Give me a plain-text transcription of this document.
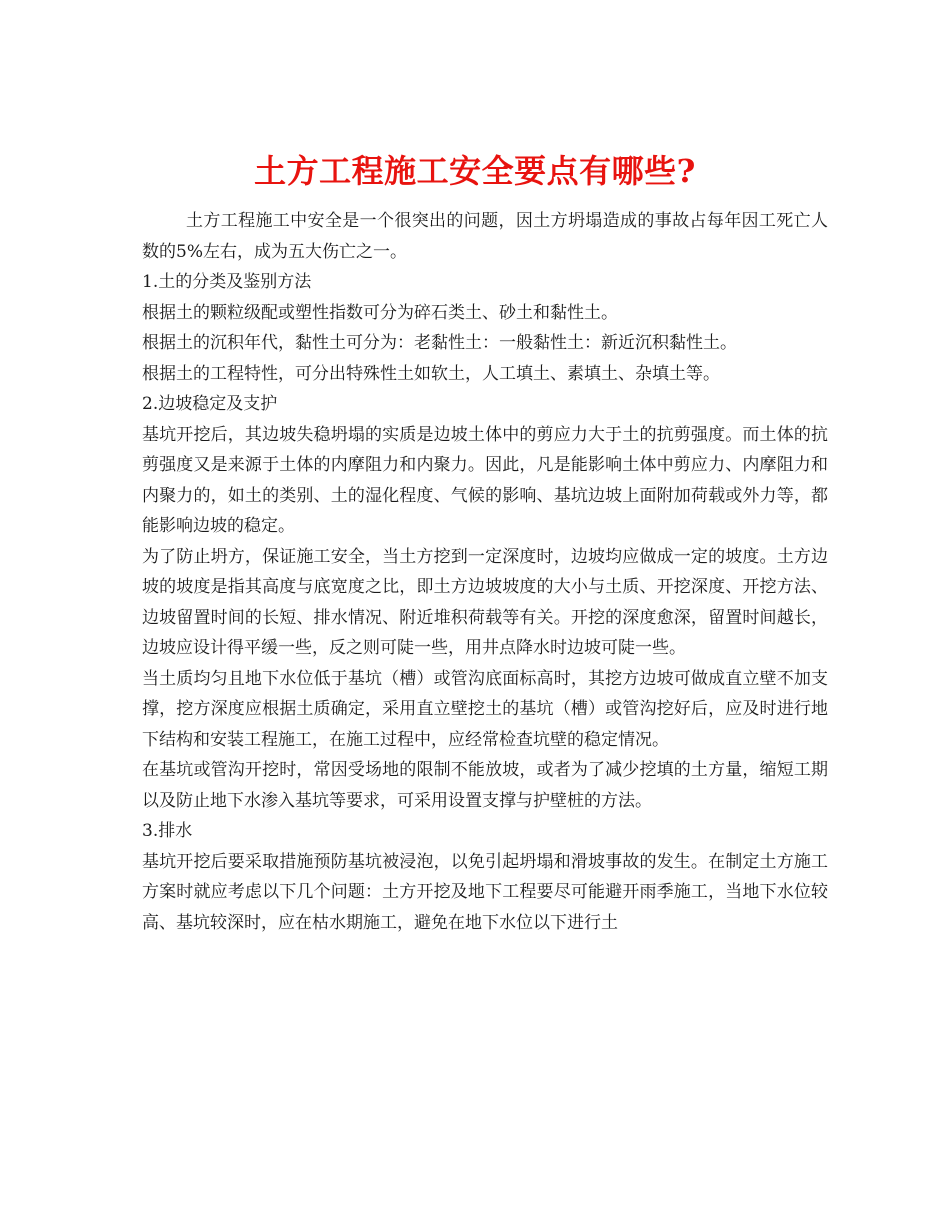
土方工程施工安全要点有哪些?

土方工程施工中安全是一个很突出的问题，因土方坍塌造成的事故占每年因工死亡人数的5%左右，成为五大伤亡之一。

1.土的分类及鉴别方法

根据土的颗粒级配或塑性指数可分为碎石类土、砂土和黏性土。

根据土的沉积年代，黏性土可分为：老黏性土：一般黏性土：新近沉积黏性土。

根据土的工程特性，可分出特殊性土如软土，人工填土、素填土、杂填土等。

2.边坡稳定及支护

基坑开挖后，其边坡失稳坍塌的实质是边坡土体中的剪应力大于土的抗剪强度。而土体的抗剪强度又是来源于土体的内摩阻力和内聚力。因此，凡是能影响土体中剪应力、内摩阻力和内聚力的，如土的类别、土的湿化程度、气候的影响、基坑边坡上面附加荷载或外力等，都能影响边坡的稳定。

为了防止坍方，保证施工安全，当土方挖到一定深度时，边坡均应做成一定的坡度。土方边坡的坡度是指其高度与底宽度之比，即土方边坡坡度的大小与土质、开挖深度、开挖方法、边坡留置时间的长短、排水情况、附近堆积荷载等有关。开挖的深度愈深，留置时间越长，边坡应设计得平缓一些，反之则可陡一些，用井点降水时边坡可陡一些。

当土质均匀且地下水位低于基坑（槽）或管沟底面标高时，其挖方边坡可做成直立壁不加支撑，挖方深度应根据土质确定，采用直立壁挖土的基坑（槽）或管沟挖好后，应及时进行地下结构和安装工程施工，在施工过程中，应经常检查坑壁的稳定情况。

在基坑或管沟开挖时，常因受场地的限制不能放坡，或者为了减少挖填的土方量，缩短工期以及防止地下水渗入基坑等要求，可采用设置支撑与护壁桩的方法。

3.排水

基坑开挖后要采取措施预防基坑被浸泡，以免引起坍塌和滑坡事故的发生。在制定土方施工方案时就应考虑以下几个问题：土方开挖及地下工程要尽可能避开雨季施工，当地下水位较高、基坑较深时，应在枯水期施工，避免在地下水位以下进行土
